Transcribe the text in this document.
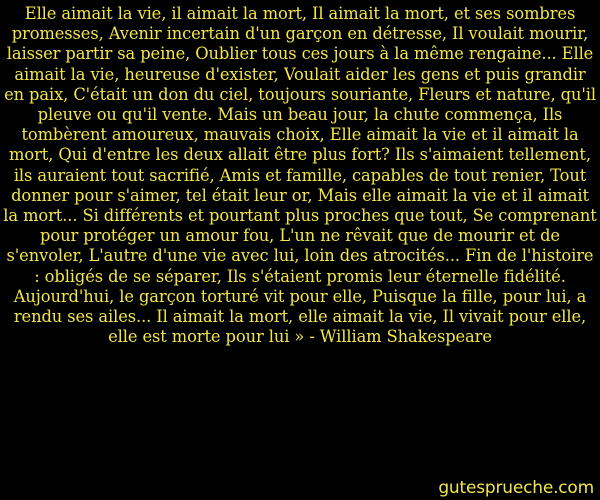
Elle aimait la vie, il aimait la mort, Il aimait la mort, et ses sombres promesses, Avenir incertain d'un garçon en détresse, Il voulait mourir, laisser partir sa peine, Oublier tous ces jours à la même rengaine... Elle aimait la vie, heureuse d'exister, Voulait aider les gens et puis grandir en paix, C'était un don du ciel, toujours souriante, Fleurs et nature, qu'il pleuve ou qu'il vente. Mais un beau jour, la chute commença, Ils tombèrent amoureux, mauvais choix, Elle aimait la vie et il aimait la mort, Qui d'entre les deux allait être plus fort? Ils s'aimaient tellement, ils auraient tout sacrifié, Amis et famille, capables de tout renier, Tout donner pour s'aimer, tel était leur or, Mais elle aimait la vie et il aimait la mort... Si différents et pourtant plus proches que tout, Se comprenant pour protéger un amour fou, L'un ne rêvait que de mourir et de s'envoler, L'autre d'une vie avec lui, loin des atrocités... Fin de l'histoire : obligés de se séparer, Ils s'étaient promis leur éternelle fidélité. Aujourd'hui, le garçon torturé vit pour elle, Puisque la fille, pour lui, a rendu ses ailes... Il aimait la mort, elle aimait la vie, Il vivait pour elle, elle est morte pour lui » - William Shakespeare

gutesprueche.com
